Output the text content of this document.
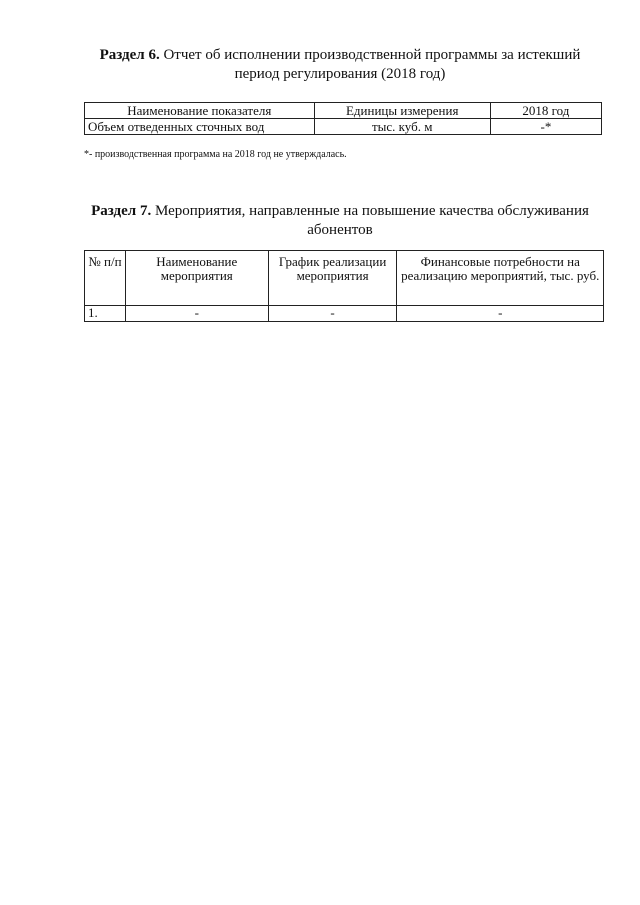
Раздел 6. Отчет об исполнении производственной программы за истекший период регулирования (2018 год)
Наименование показателя	Единицы измерения	2018 год
Объем отведенных сточных вод	тыс. куб. м	-*
*- производственная программа на 2018 год не утверждалась.
Раздел 7. Мероприятия, направленные на повышение качества обслуживания абонентов
№ п/п	Наименование мероприятия	График реализации мероприятия	Финансовые потребности на реализацию мероприятий, тыс. руб.
1.	-	-	-
